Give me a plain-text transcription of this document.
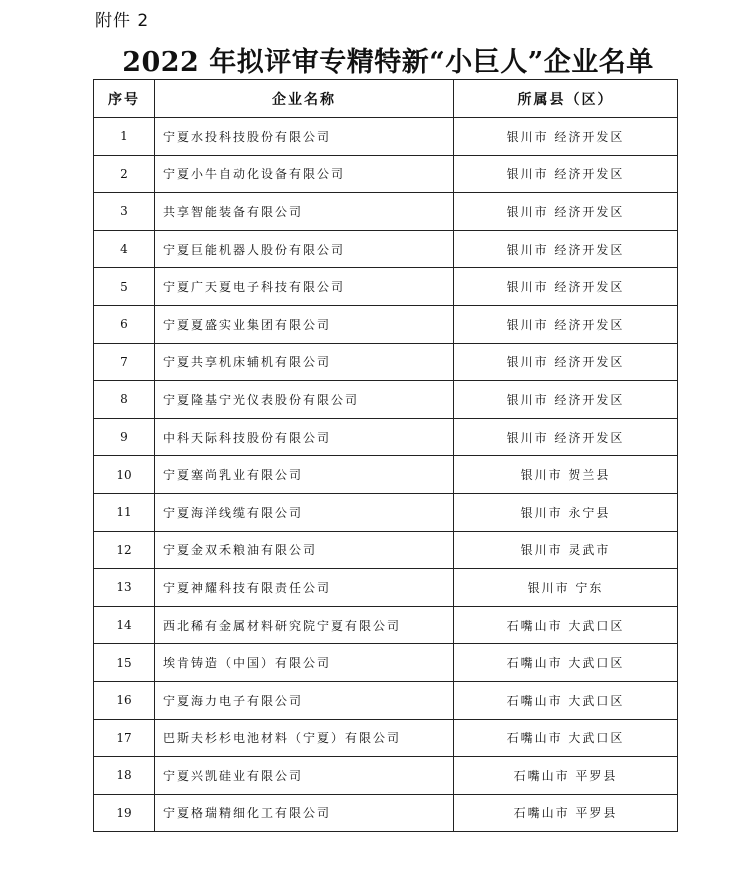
附件 2
2022 年拟评审专精特新“小巨人”企业名单
序号	企业名称	所属县（区）
1	宁夏水投科技股份有限公司	银川市 经济开发区
2	宁夏小牛自动化设备有限公司	银川市 经济开发区
3	共享智能装备有限公司	银川市 经济开发区
4	宁夏巨能机器人股份有限公司	银川市 经济开发区
5	宁夏广天夏电子科技有限公司	银川市 经济开发区
6	宁夏夏盛实业集团有限公司	银川市 经济开发区
7	宁夏共享机床辅机有限公司	银川市 经济开发区
8	宁夏隆基宁光仪表股份有限公司	银川市 经济开发区
9	中科天际科技股份有限公司	银川市 经济开发区
10	宁夏塞尚乳业有限公司	银川市 贺兰县
11	宁夏海洋线缆有限公司	银川市 永宁县
12	宁夏金双禾粮油有限公司	银川市 灵武市
13	宁夏神耀科技有限责任公司	银川市 宁东
14	西北稀有金属材料研究院宁夏有限公司	石嘴山市 大武口区
15	埃肯铸造（中国）有限公司	石嘴山市 大武口区
16	宁夏海力电子有限公司	石嘴山市 大武口区
17	巴斯夫杉杉电池材料（宁夏）有限公司	石嘴山市 大武口区
18	宁夏兴凯硅业有限公司	石嘴山市 平罗县
19	宁夏格瑞精细化工有限公司	石嘴山市 平罗县
